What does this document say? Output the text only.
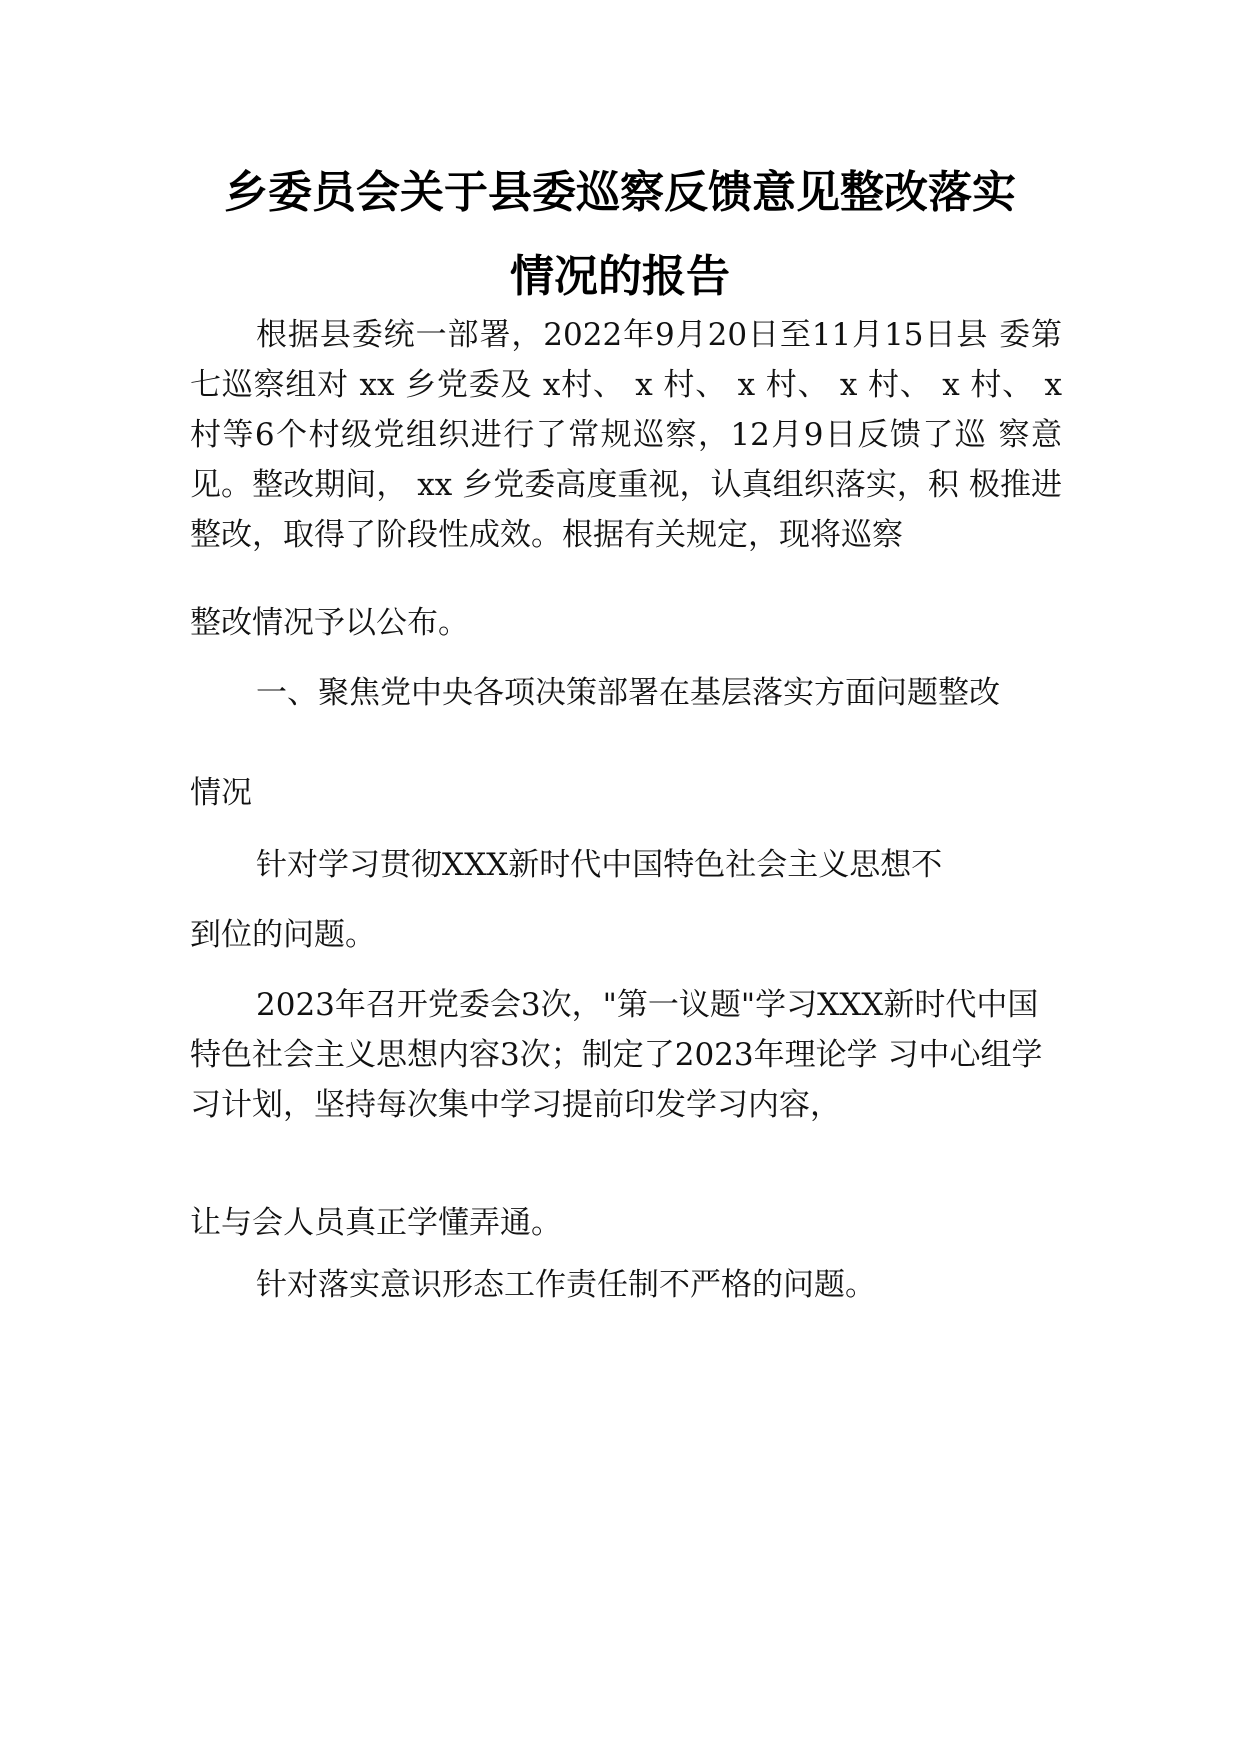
乡委员会关于县委巡察反馈意见整改落实
情况的报告

根据县委统一部署，2022年9月20日至11月15日县 委第七巡察组对 xx 乡党委及 x村、 x 村、 x 村、 x 村、 x 村、 x村等6个村级党组织进行了常规巡察，12月9日反馈了巡 察意见。整改期间， xx 乡党委高度重视，认真组织落实，积 极推进整改，取得了阶段性成效。根据有关规定，现将巡察

整改情况予以公布。

一、聚焦党中央各项决策部署在基层落实方面问题整改

情况

针对学习贯彻XXX新时代中国特色社会主义思想不

到位的问题。

2023年召开党委会3次，"第一议题"学习XXX新时代中国特色社会主义思想内容3次；制定了2023年理论学 习中心组学习计划，坚持每次集中学习提前印发学习内容，

让与会人员真正学懂弄通。

针对落实意识形态工作责任制不严格的问题。
